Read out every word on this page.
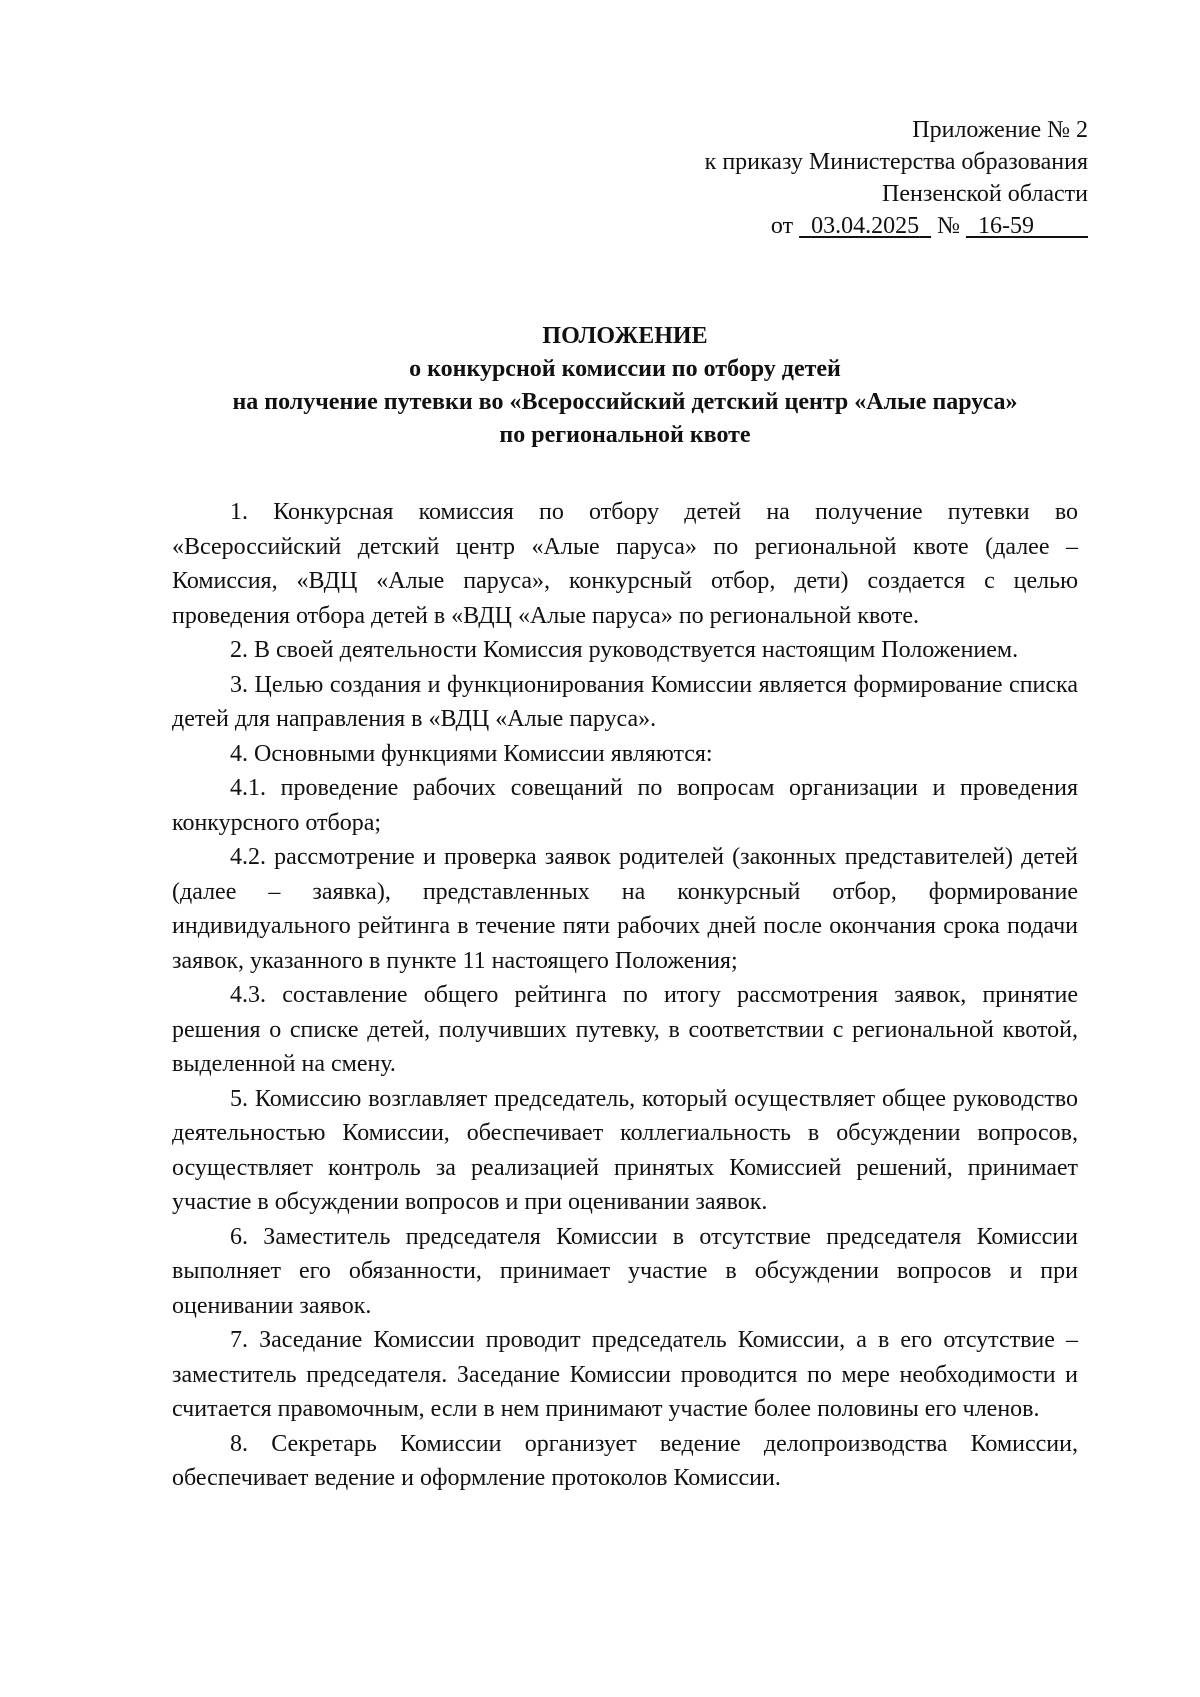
Приложение № 2
к приказу Министерства образования
Пензенской области
от 03.04.2025 № 16-59
ПОЛОЖЕНИЕ
о конкурсной комиссии по отбору детей
на получение путевки во «Всероссийский детский центр «Алые паруса»
по региональной квоте

1. Конкурсная комиссия по отбору детей на получение путевки во «Всероссийский детский центр «Алые паруса» по региональной квоте (далее – Комиссия, «ВДЦ «Алые паруса», конкурсный отбор, дети) создается с целью проведения отбора детей в «ВДЦ «Алые паруса» по региональной квоте.

2. В своей деятельности Комиссия руководствуется настоящим Положением.

3. Целью создания и функционирования Комиссии является формирование списка детей для направления в «ВДЦ «Алые паруса».

4. Основными функциями Комиссии являются:

4.1. проведение рабочих совещаний по вопросам организации и проведения конкурсного отбора;

4.2. рассмотрение и проверка заявок родителей (законных представителей) детей (далее – заявка), представленных на конкурсный отбор, формирование индивидуального рейтинга в течение пяти рабочих дней после окончания срока подачи заявок, указанного в пункте 11 настоящего Положения;

4.3. составление общего рейтинга по итогу рассмотрения заявок, принятие решения о списке детей, получивших путевку, в соответствии с региональной квотой, выделенной на смену.

5. Комиссию возглавляет председатель, который осуществляет общее руководство деятельностью Комиссии, обеспечивает коллегиальность в обсуждении вопросов, осуществляет контроль за реализацией принятых Комиссией решений, принимает участие в обсуждении вопросов и при оценивании заявок.

6. Заместитель председателя Комиссии в отсутствие председателя Комиссии выполняет его обязанности, принимает участие в обсуждении вопросов и при оценивании заявок.

7. Заседание Комиссии проводит председатель Комиссии, а в его отсутствие – заместитель председателя. Заседание Комиссии проводится по мере необходимости и считается правомочным, если в нем принимают участие более половины его членов.

8. Секретарь Комиссии организует ведение делопроизводства Комиссии, обеспечивает ведение и оформление протоколов Комиссии.
